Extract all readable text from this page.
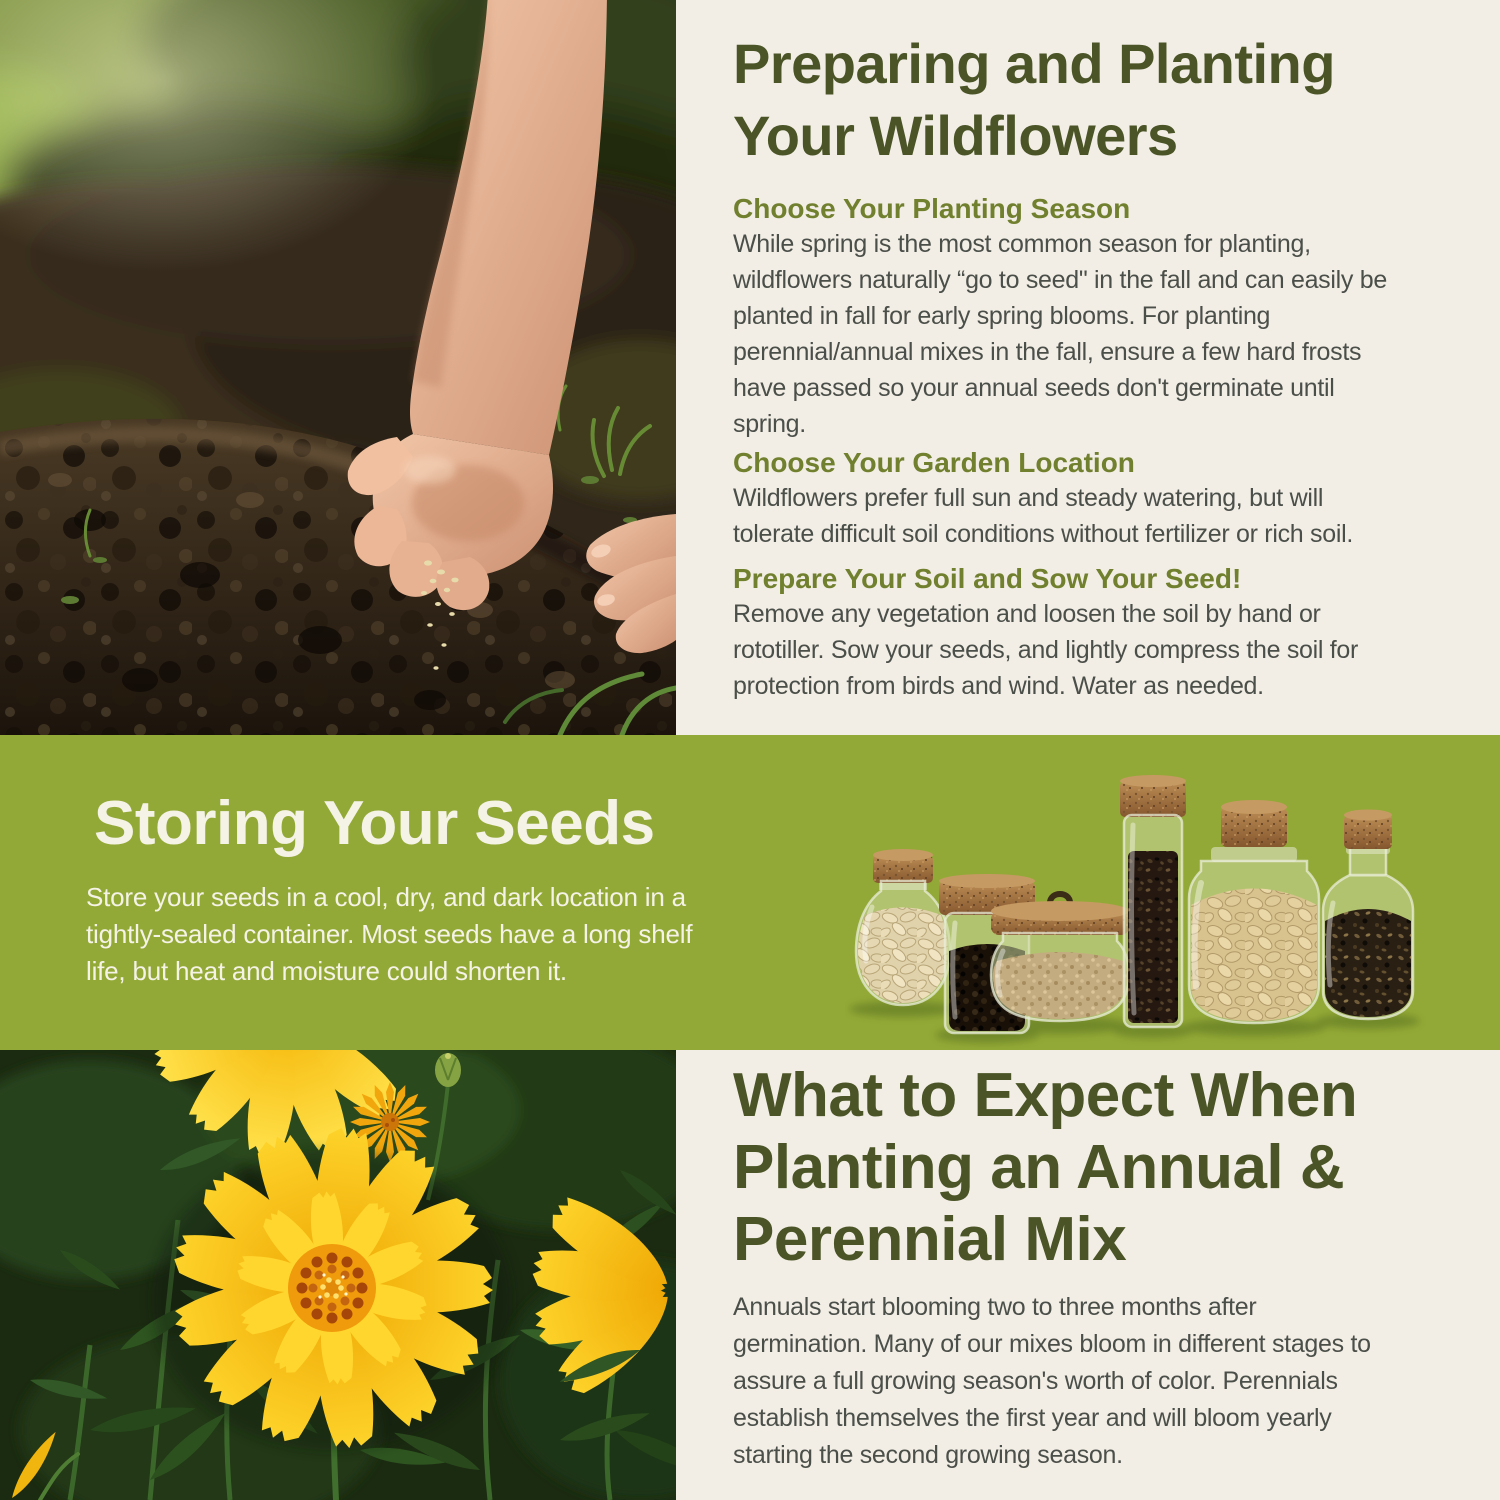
Preparing and Planting
Your Wildflowers
Choose Your Planting Season
While spring is the most common season for planting,
wildflowers naturally “go to seed" in the fall and can easily be
planted in fall for early spring blooms. For planting
perennial/annual mixes in the fall, ensure a few hard frosts
have passed so your annual seeds don't germinate until
spring.
Choose Your Garden Location
Wildflowers prefer full sun and steady watering, but will
tolerate difficult soil conditions without fertilizer or rich soil.
Prepare Your Soil and Sow Your Seed!
Remove any vegetation and loosen the soil by hand or
rototiller. Sow your seeds, and lightly compress the soil for
protection from birds and wind. Water as needed.
Storing Your Seeds
Store your seeds in a cool, dry, and dark location in a
tightly-sealed container. Most seeds have a long shelf
life, but heat and moisture could shorten it.
What to Expect When
Planting an Annual &
Perennial Mix
Annuals start blooming two to three months after
germination. Many of our mixes bloom in different stages to
assure a full growing season's worth of color. Perennials
establish themselves the first year and will bloom yearly
starting the second growing season.
